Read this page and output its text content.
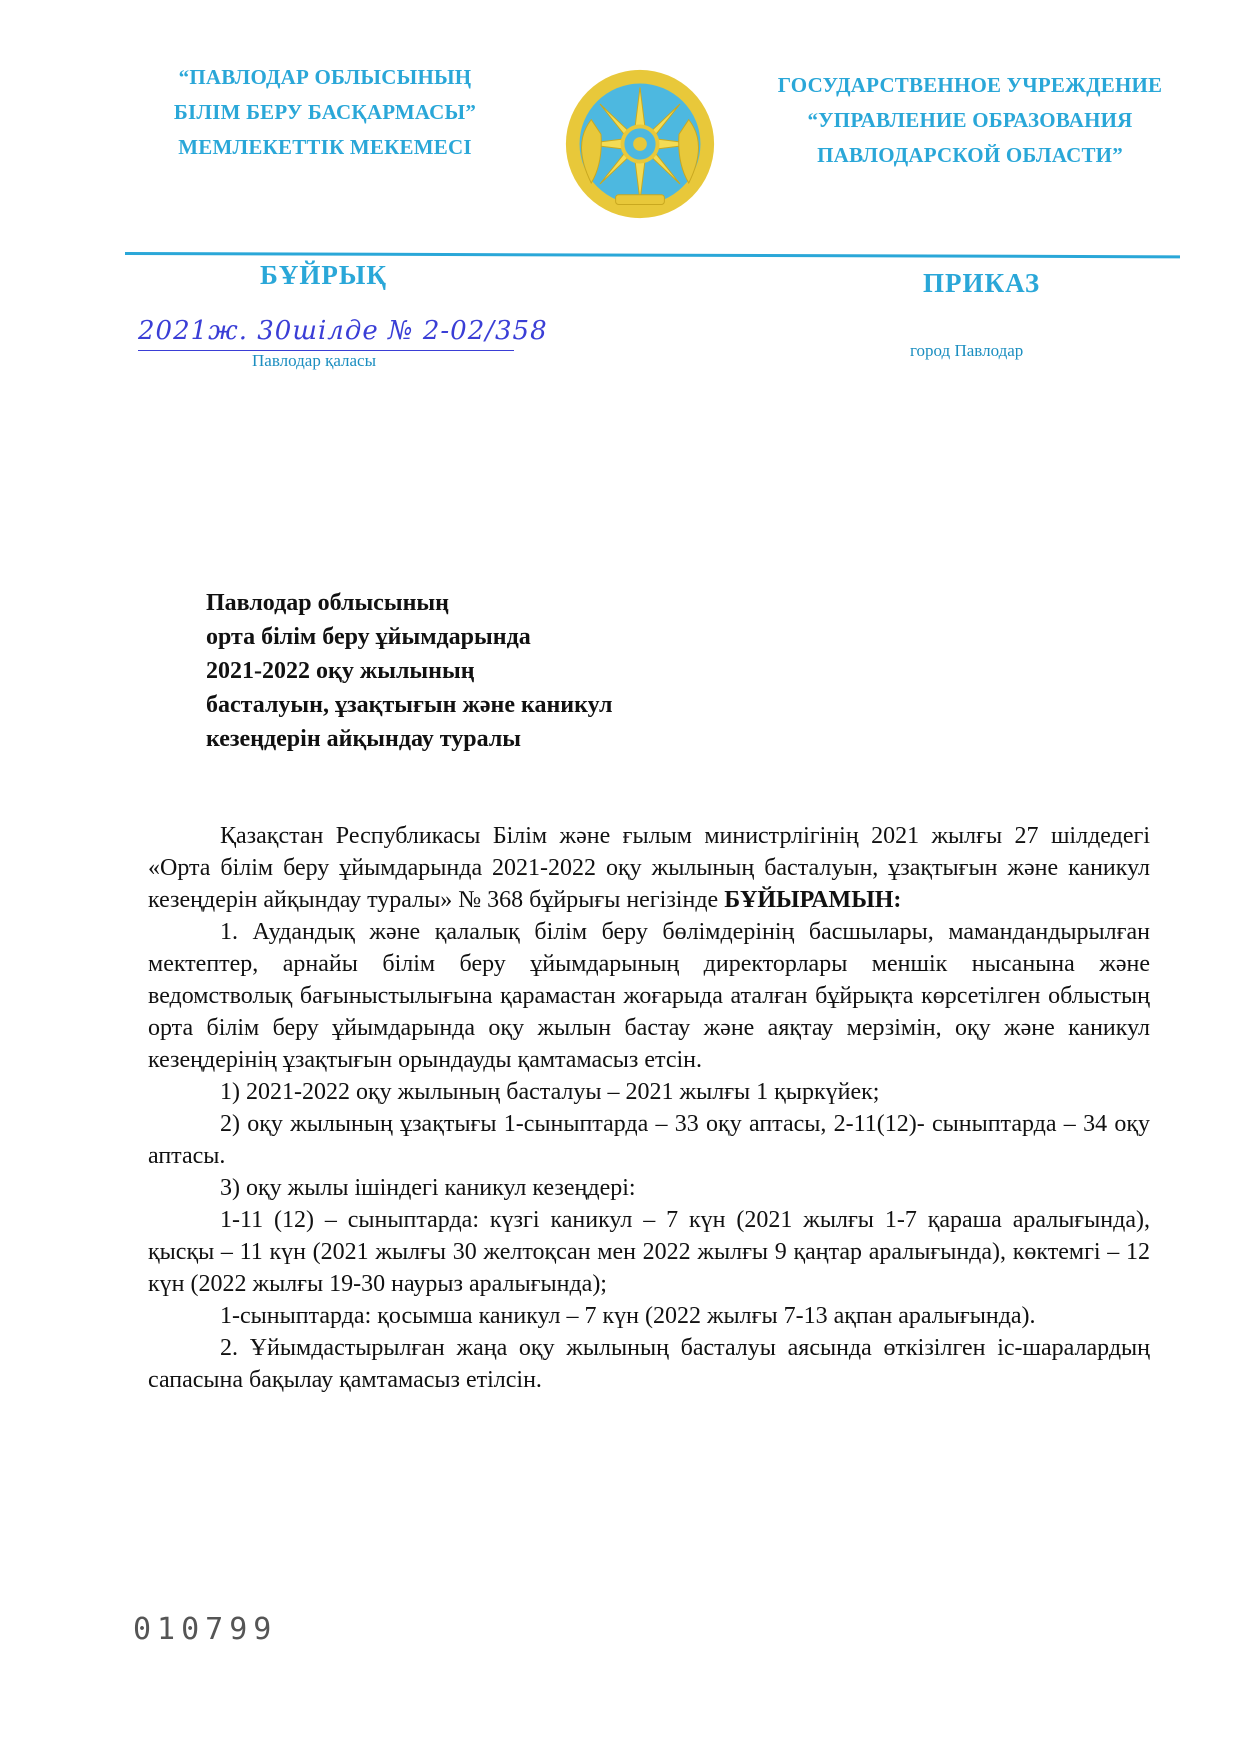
“ПАВЛОДАР ОБЛЫСЫНЫҢ
БІЛІМ БЕРУ БАСҚАРМАСЫ”
МЕМЛЕКЕТТІК МЕКЕМЕСІ
ГОСУДАРСТВЕННОЕ УЧРЕЖДЕНИЕ
“УПРАВЛЕНИЕ ОБРАЗОВАНИЯ
ПАВЛОДАРСКОЙ ОБЛАСТИ”
БҰЙРЫҚ	ПРИКАЗ
2021ж. 30шілде № 2-02/358
Павлодар қаласы
город Павлодар
Павлодар облысының
орта білім беру ұйымдарында
2021-2022 оқу жылының
басталуын, ұзақтығын және каникул
кезеңдерін айқындау туралы

Қазақстан Республикасы Білім және ғылым министрлігінің 2021 жылғы 27 шілдедегі «Орта білім беру ұйымдарында 2021-2022 оқу жылының басталуын, ұзақтығын және каникул кезеңдерін айқындау туралы» № 368 бұйрығы негізінде БҰЙЫРАМЫН:

1. Аудандық және қалалық білім беру бөлімдерінің басшылары, мамандандырылған мектептер, арнайы білім беру ұйымдарының директорлары меншік нысанына және ведомстволық бағыныстылығына қарамастан жоғарыда аталған бұйрықта көрсетілген облыстың орта білім беру ұйымдарында оқу жылын бастау және аяқтау мерзімін, оқу және каникул кезеңдерінің ұзақтығын орындауды қамтамасыз етсін.

1) 2021-2022 оқу жылының басталуы – 2021 жылғы 1 қыркүйек;

2) оқу жылының ұзақтығы 1-сыныптарда – 33 оқу аптасы, 2-11(12)- сыныптарда – 34 оқу аптасы.

3) оқу жылы ішіндегі каникул кезеңдері:

1-11 (12) – сыныптарда: күзгі каникул – 7 күн (2021 жылғы 1-7 қараша аралығында), қысқы – 11 күн (2021 жылғы 30 желтоқсан мен 2022 жылғы 9 қаңтар аралығында), көктемгі – 12 күн (2022 жылғы 19-30 наурыз аралығында);

1-сыныптарда: қосымша каникул – 7 күн (2022 жылғы 7-13 ақпан аралығында).

2. Ұйымдастырылған жаңа оқу жылының басталуы аясында өткізілген іс-шаралардың сапасына бақылау қамтамасыз етілсін.

010799
